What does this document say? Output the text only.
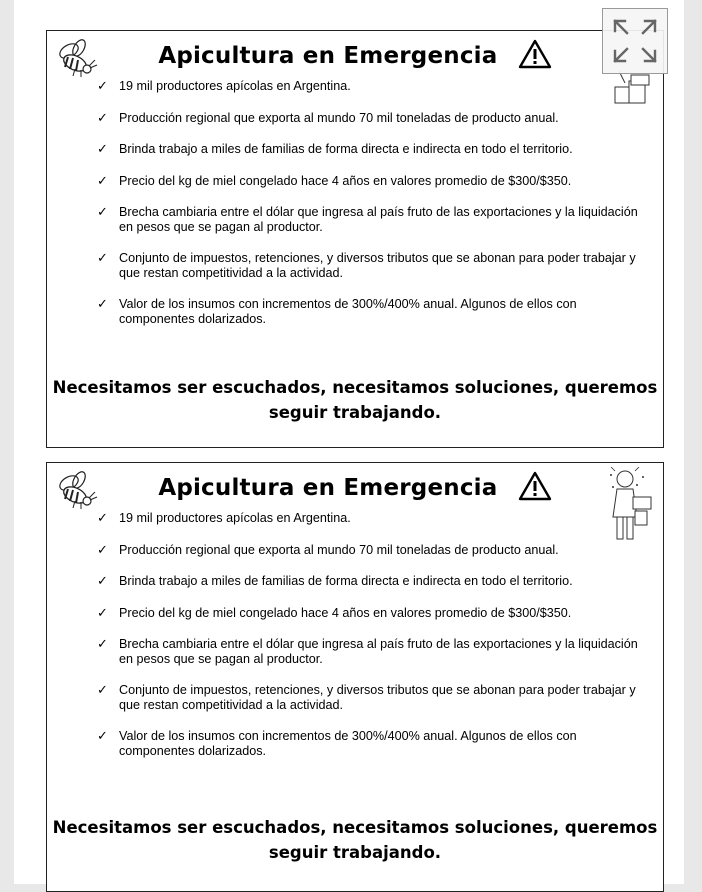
Apicultura en Emergencia
✓ 19 mil productores apícolas en Argentina.
✓ Producción regional que exporta al mundo 70 mil toneladas de producto anual.
✓ Brinda trabajo a miles de familias de forma directa e indirecta en todo el territorio.
✓ Precio del kg de miel congelado hace 4 años en valores promedio de $300/$350.
✓ Brecha cambiaria entre el dólar que ingresa al país fruto de las exportaciones y la liquidación en pesos que se pagan al productor.
✓ Conjunto de impuestos, retenciones, y diversos tributos que se abonan para poder trabajar y que restan competitividad a la actividad.
✓ Valor de los insumos con incrementos de 300%/400% anual. Algunos de ellos con componentes dolarizados.
Necesitamos ser escuchados, necesitamos soluciones, queremos seguir trabajando.
Apicultura en Emergencia
✓ 19 mil productores apícolas en Argentina.
✓ Producción regional que exporta al mundo 70 mil toneladas de producto anual.
✓ Brinda trabajo a miles de familias de forma directa e indirecta en todo el territorio.
✓ Precio del kg de miel congelado hace 4 años en valores promedio de $300/$350.
✓ Brecha cambiaria entre el dólar que ingresa al país fruto de las exportaciones y la liquidación en pesos que se pagan al productor.
✓ Conjunto de impuestos, retenciones, y diversos tributos que se abonan para poder trabajar y que restan competitividad a la actividad.
✓ Valor de los insumos con incrementos de 300%/400% anual. Algunos de ellos con componentes dolarizados.
Necesitamos ser escuchados, necesitamos soluciones, queremos seguir trabajando.
